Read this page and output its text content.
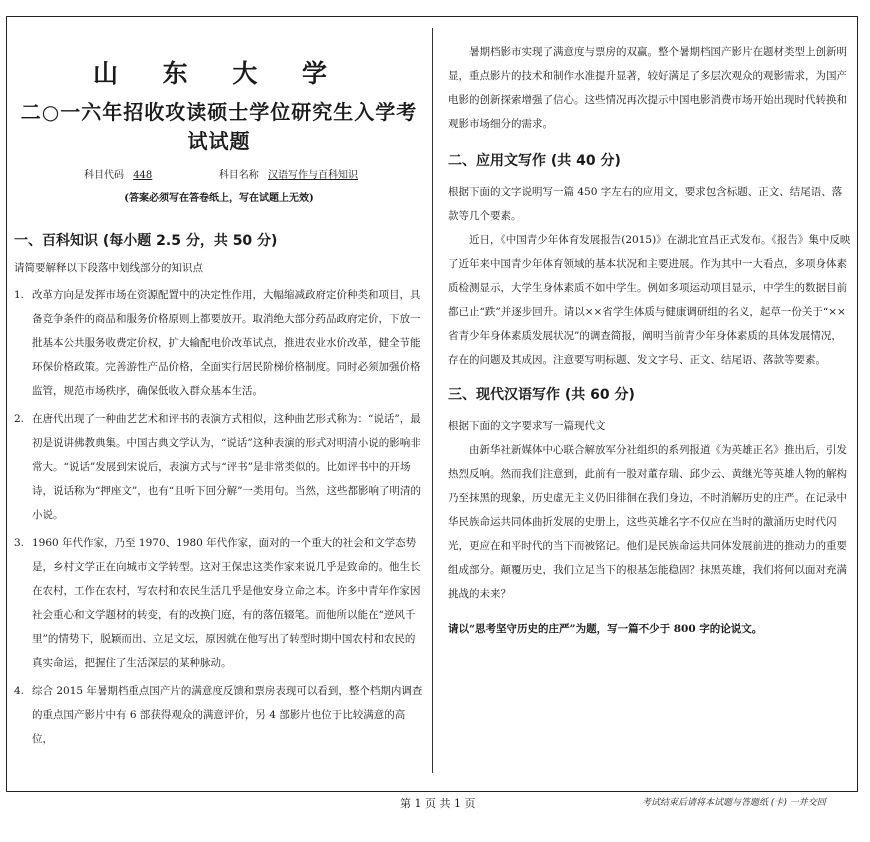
山 东 大 学
二○一六年招收攻读硕士学位研究生入学考试试题
科目代码 448	科目名称 汉语写作与百科知识
(答案必须写在答卷纸上，写在试题上无效)
一、百科知识 (每小题 2.5 分，共 50 分)
请简要解释以下段落中划线部分的知识点
1. 改革方向是发挥市场在资源配置中的决定性作用，大幅缩减政府定价种类和项目，具备竞争条件的商品和服务价格原则上都要放开。取消绝大部分药品政府定价，下放一批基本公共服务收费定价权，扩大输配电价改革试点，推进农业水价改革，健全节能环保价格政策。完善游性产品价格，全面实行居民阶梯价格制度。同时必须加强价格监管，规范市场秩序，确保低收入群众基本生活。
2. 在唐代出现了一种曲艺艺术和评书的表演方式相似，这种曲艺形式称为：“说话”，最初是说讲佛教典集。中国古典文学认为，“说话”这种表演的形式对明清小说的影响非常大。“说话”发展到宋说后，表演方式与“评书”是非常类似的。比如评书中的开场诗，说话称为“押座文”，也有“且听下回分解”一类用句。当然，这些都影响了明清的小说。
3. 1960 年代作家，乃至 1970、1980 年代作家，面对的一个重大的社会和文学态势是，乡村文学正在向城市文学转型。这对王保忠这类作家来说几乎是致命的。他生长在农村，工作在农村，写农村和农民生活几乎是他安身立命之本。许多中青年作家因社会重心和文学题材的转变，有的改换门庭，有的落伍辍笔。而他所以能在“逆风千里”的情势下，脱颖而出、立足文坛，原因就在他写出了转型时期中国农村和农民的真实命运，把握住了生活深层的某种脉动。
4. 综合 2015 年暑期档重点国产片的满意度反馈和票房表现可以看到，整个档期内调查的重点国产影片中有 6 部获得观众的满意评价，另 4 部影片也位于比较满意的高位，

暑期档影市实现了满意度与票房的双赢。整个暑期档国产影片在题材类型上创新明显，重点影片的技术和制作水准提升显著，较好满足了多层次观众的观影需求，为国产电影的创新探索增强了信心。这些情况再次提示中国电影消费市场开始出现时代转换和观影市场细分的需求。

二、应用文写作 (共 40 分)

根据下面的文字说明写一篇 450 字左右的应用文，要求包含标题、正文、结尾语、落款等几个要素。

近日，《中国青少年体育发展报告(2015)》在湖北宜昌正式发布。《报告》集中反映了近年来中国青少年体育领域的基本状况和主要进展。作为其中一大看点，多项身体素质检测显示，大学生身体素质不如中学生。例如多项运动项目显示，中学生的数据目前都已止“跌”并逐步回升。请以××省学生体质与健康调研组的名义，起草一份关于“××省青少年身体素质发展状况”的调查简报，阐明当前青少年身体素质的具体发展情况，存在的问题及其成因。注意要写明标题、发文字号、正文、结尾语、落款等要素。

三、现代汉语写作 (共 60 分)

根据下面的文字要求写一篇现代文

由新华社新媒体中心联合解放军分社组织的系列报道《为英雄正名》推出后，引发热烈反响。然而我们注意到，此前有一股对董存瑞、邱少云、黄继光等英雄人物的解构乃至抹黑的现象，历史虚无主义仍旧徘徊在我们身边，不时消解历史的庄严。在记录中华民族命运共同体曲折发展的史册上，这些英雄名字不仅应在当时的激涌历史时代闪光，更应在和平时代的当下而被铭记。他们是民族命运共同体发展前进的推动力的重要组成部分。颠覆历史，我们立足当下的根基怎能稳固？抹黑英雄，我们将何以面对充满挑战的未来？

请以“思考坚守历史的庄严”为题，写一篇不少于 800 字的论说文。

第 1 页 共 1 页	考试结束后请将本试题与答题纸 (卡) 一并交回
